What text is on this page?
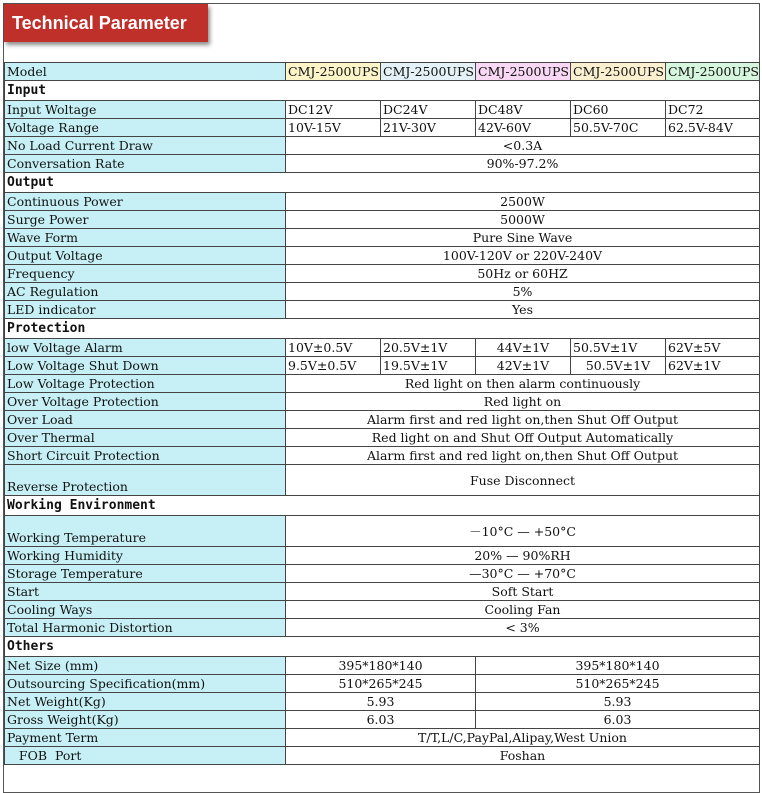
Technical Parameter
Model	CMJ-2500UPS	CMJ-2500UPS	CMJ-2500UPS	CMJ-2500UPS	CMJ-2500UPS
Input					
Input Woltage	DC12V	DC24V	DC48V	DC60	DC72
Voltage Range	10V-15V	21V-30V	42V-60V	50.5V-70C	62.5V-84V
No Load Current Draw	<0.3A				
Conversation Rate	90%-97.2%				
Output					
Continuous Power	2500W				
Surge Power	5000W				
Wave Form	Pure Sine Wave				
Output Voltage	100V-120V or 220V-240V				
Frequency	50Hz or 60HZ				
AC Regulation	5%				
LED indicator	Yes				
Protection					
low Voltage Alarm	10V±0.5V	20.5V±1V	44V±1V	50.5V±1V	62V±5V
Low Voltage Shut Down	9.5V±0.5V	19.5V±1V	42V±1V	50.5V±1V	62V±1V
Low Voltage Protection	Red light on then alarm continuously				
Over Voltage Protection	Red light on				
Over Load	Alarm first and red light on,then Shut Off Output				
Over Thermal	Red light on and Shut Off Output Automatically				
Short Circuit Protection	Alarm first and red light on,then Shut Off Output				
Reverse Protection	Fuse Disconnect				
Working Environment					
Working Temperature	－10°C — +50°C				
Working Humidity	20% — 90%RH				
Storage Temperature	—30°C — +70°C				
Start	Soft Start				
Cooling Ways	Cooling Fan				
Total Harmonic Distortion	< 3%				
Others					
Net Size (mm)	395*180*140		395*180*140		
Outsourcing Specification(mm)	510*265*245		510*265*245		
Net Weight(Kg)	5.93		5.93		
Gross Weight(Kg)	6.03		6.03		
Payment Term	T/T,L/C,PayPal,Alipay,West Union				
FOB  Port	Foshan				
